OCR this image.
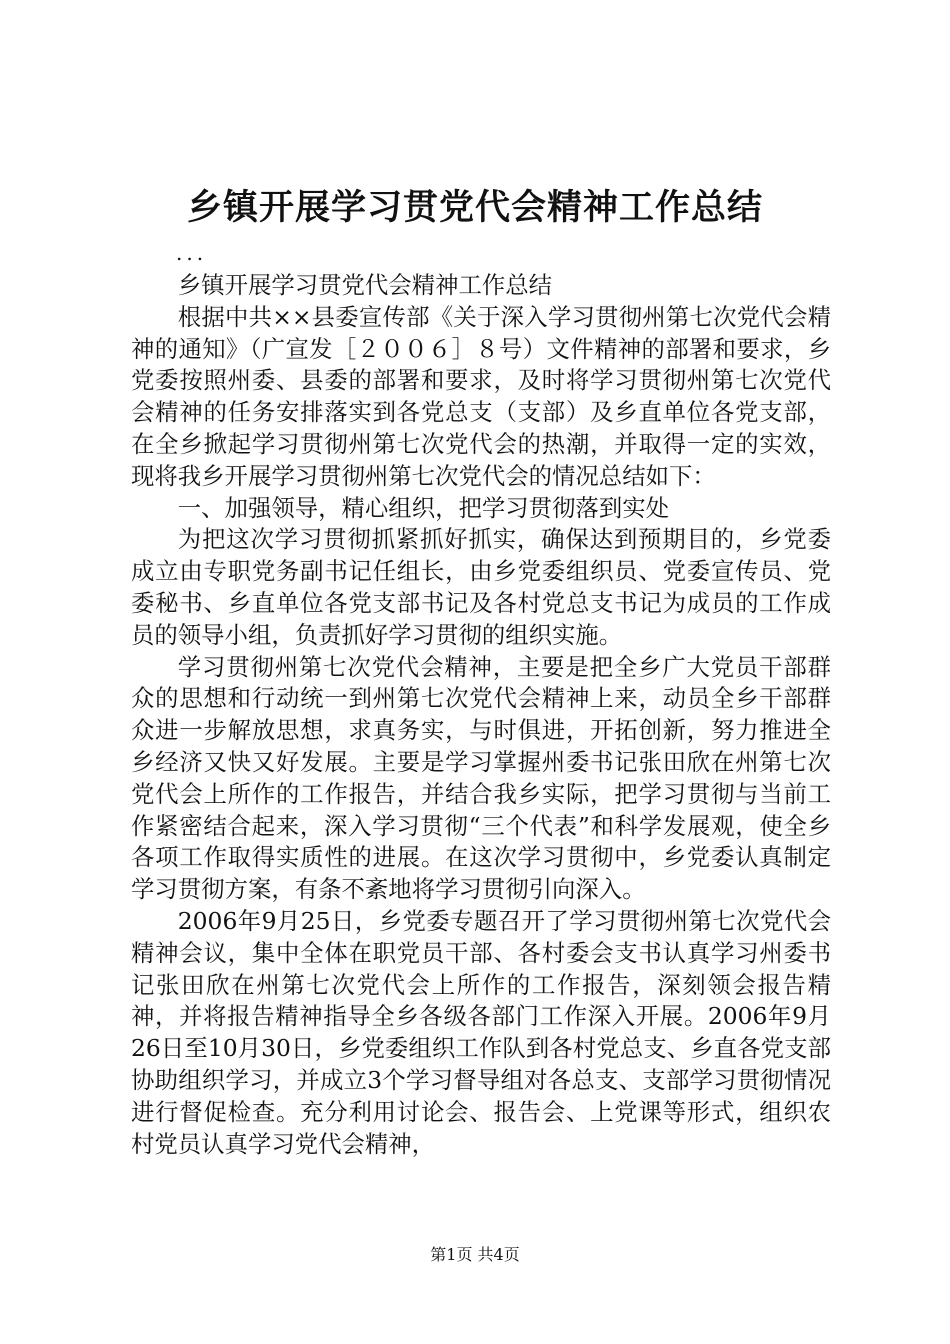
乡镇开展学习贯党代会精神工作总结
...

乡镇开展学习贯党代会精神工作总结

根据中共××县委宣传部《关于深入学习贯彻州第七次党代会精神的通知》（广宣发［２００６］８号）文件精神的部署和要求，乡党委按照州委、县委的部署和要求，及时将学习贯彻州第七次党代会精神的任务安排落实到各党总支（支部）及乡直单位各党支部，在全乡掀起学习贯彻州第七次党代会的热潮，并取得一定的实效，现将我乡开展学习贯彻州第七次党代会的情况总结如下：

一、加强领导，精心组织，把学习贯彻落到实处

为把这次学习贯彻抓紧抓好抓实，确保达到预期目的，乡党委成立由专职党务副书记任组长，由乡党委组织员、党委宣传员、党委秘书、乡直单位各党支部书记及各村党总支书记为成员的工作成员的领导小组，负责抓好学习贯彻的组织实施。

学习贯彻州第七次党代会精神，主要是把全乡广大党员干部群众的思想和行动统一到州第七次党代会精神上来，动员全乡干部群众进一步解放思想，求真务实，与时俱进，开拓创新，努力推进全乡经济又快又好发展。主要是学习掌握州委书记张田欣在州第七次党代会上所作的工作报告，并结合我乡实际，把学习贯彻与当前工作紧密结合起来，深入学习贯彻“三个代表”和科学发展观，使全乡各项工作取得实质性的进展。在这次学习贯彻中，乡党委认真制定学习贯彻方案，有条不紊地将学习贯彻引向深入。

2006年9月25日，乡党委专题召开了学习贯彻州第七次党代会精神会议，集中全体在职党员干部、各村委会支书认真学习州委书记张田欣在州第七次党代会上所作的工作报告，深刻领会报告精神，并将报告精神指导全乡各级各部门工作深入开展。2006年9月26日至10月30日，乡党委组织工作队到各村党总支、乡直各党支部协助组织学习，并成立3个学习督导组对各总支、支部学习贯彻情况进行督促检查。充分利用讨论会、报告会、上党课等形式，组织农村党员认真学习党代会精神，

第1页 共4页
